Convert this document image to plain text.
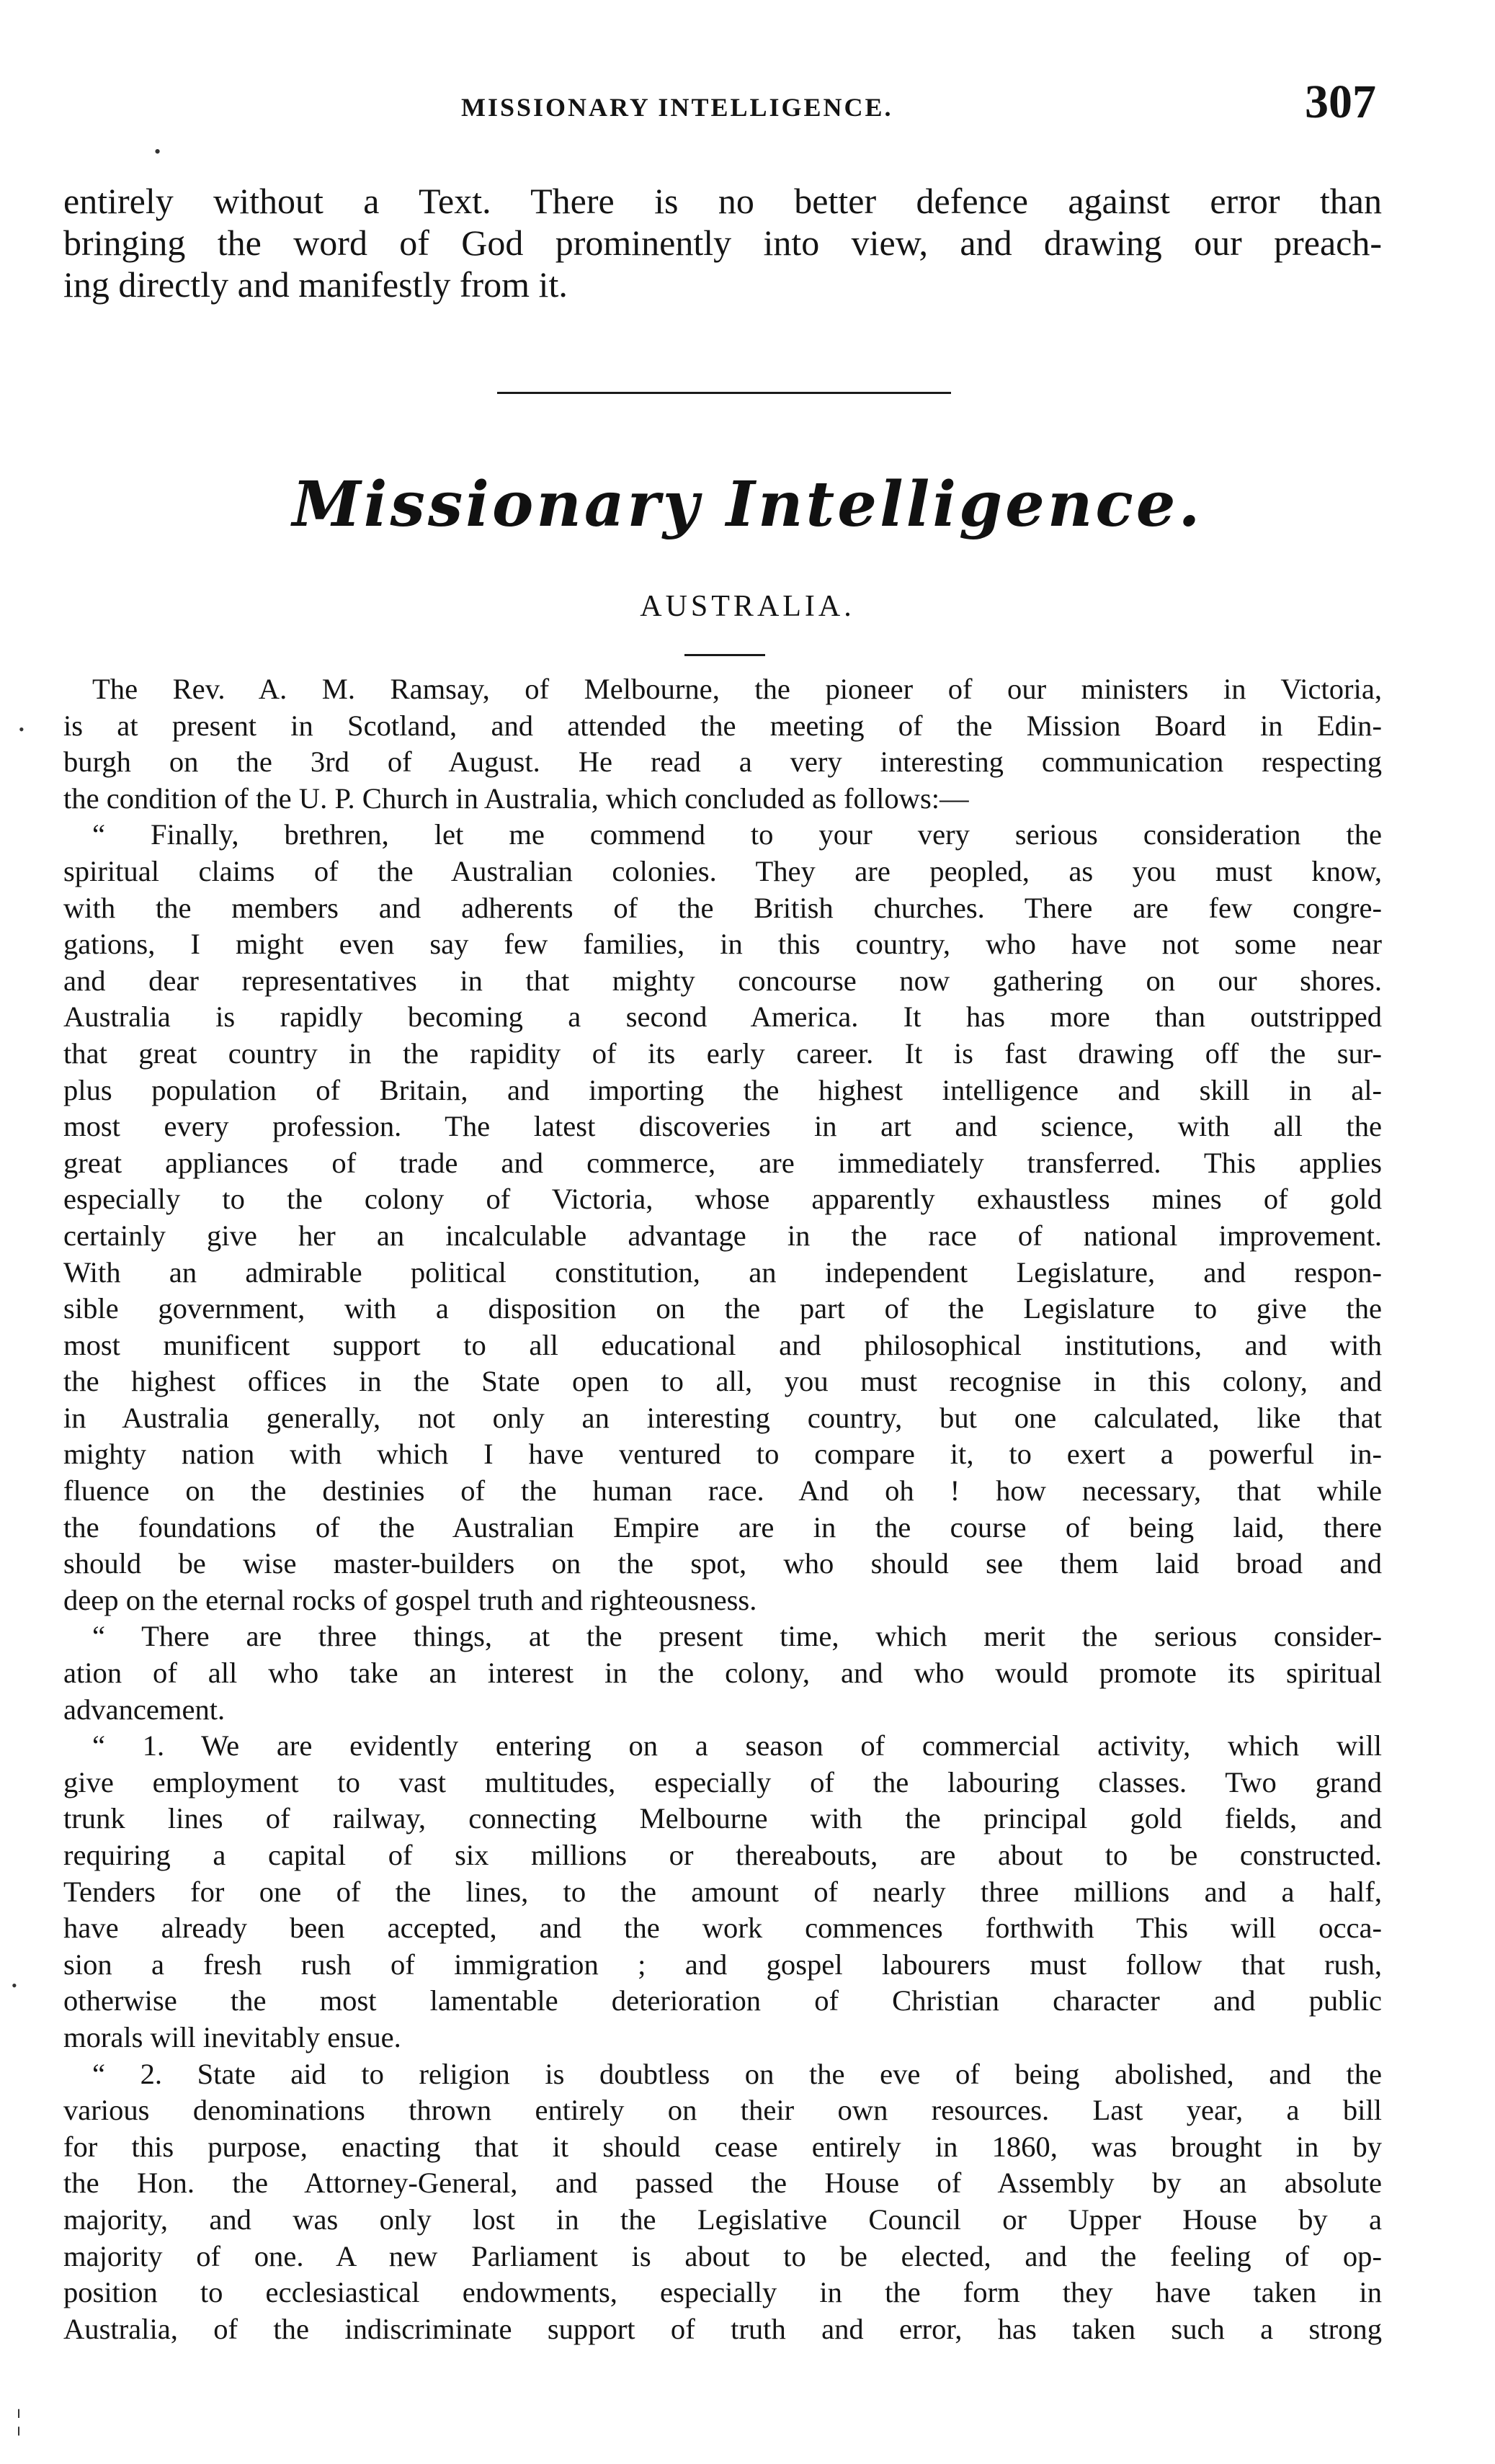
MISSIONARY INTELLIGENCE.	307
entirely without a Text. There is no better defence against error than
bringing the word of God prominently into view, and drawing our preach-
ing directly and manifestly from it.
Missionary Intelligence.
AUSTRALIA.
The Rev. A. M. Ramsay, of Melbourne, the pioneer of our ministers in Victoria,
is at present in Scotland, and attended the meeting of the Mission Board in Edin-
burgh on the 3rd of August. He read a very interesting communication respecting
the condition of the U. P. Church in Australia, which concluded as follows:—
“ Finally, brethren, let me commend to your very serious consideration the
spiritual claims of the Australian colonies. They are peopled, as you must know,
with the members and adherents of the British churches. There are few congre-
gations, I might even say few families, in this country, who have not some near
and dear representatives in that mighty concourse now gathering on our shores.
Australia is rapidly becoming a second America. It has more than outstripped
that great country in the rapidity of its early career. It is fast drawing off the sur-
plus population of Britain, and importing the highest intelligence and skill in al-
most every profession. The latest discoveries in art and science, with all the
great appliances of trade and commerce, are immediately transferred. This applies
especially to the colony of Victoria, whose apparently exhaustless mines of gold
certainly give her an incalculable advantage in the race of national improvement.
With an admirable political constitution, an independent Legislature, and respon-
sible government, with a disposition on the part of the Legislature to give the
most munificent support to all educational and philosophical institutions, and with
the highest offices in the State open to all, you must recognise in this colony, and
in Australia generally, not only an interesting country, but one calculated, like that
mighty nation with which I have ventured to compare it, to exert a powerful in-
fluence on the destinies of the human race. And oh ! how necessary, that while
the foundations of the Australian Empire are in the course of being laid, there
should be wise master-builders on the spot, who should see them laid broad and
deep on the eternal rocks of gospel truth and righteousness.
“ There are three things, at the present time, which merit the serious consider-
ation of all who take an interest in the colony, and who would promote its spiritual
advancement.
“ 1. We are evidently entering on a season of commercial activity, which will
give employment to vast multitudes, especially of the labouring classes. Two grand
trunk lines of railway, connecting Melbourne with the principal gold fields, and
requiring a capital of six millions or thereabouts, are about to be constructed.
Tenders for one of the lines, to the amount of nearly three millions and a half,
have already been accepted, and the work commences forthwith This will occa-
sion a fresh rush of immigration ; and gospel labourers must follow that rush,
otherwise the most lamentable deterioration of Christian character and public
morals will inevitably ensue.
“ 2. State aid to religion is doubtless on the eve of being abolished, and the
various denominations thrown entirely on their own resources. Last year, a bill
for this purpose, enacting that it should cease entirely in 1860, was brought in by
the Hon. the Attorney-General, and passed the House of Assembly by an absolute
majority, and was only lost in the Legislative Council or Upper House by a
majority of one. A new Parliament is about to be elected, and the feeling of op-
position to ecclesiastical endowments, especially in the form they have taken in
Australia, of the indiscriminate support of truth and error, has taken such a strong
•
•
•
¦
